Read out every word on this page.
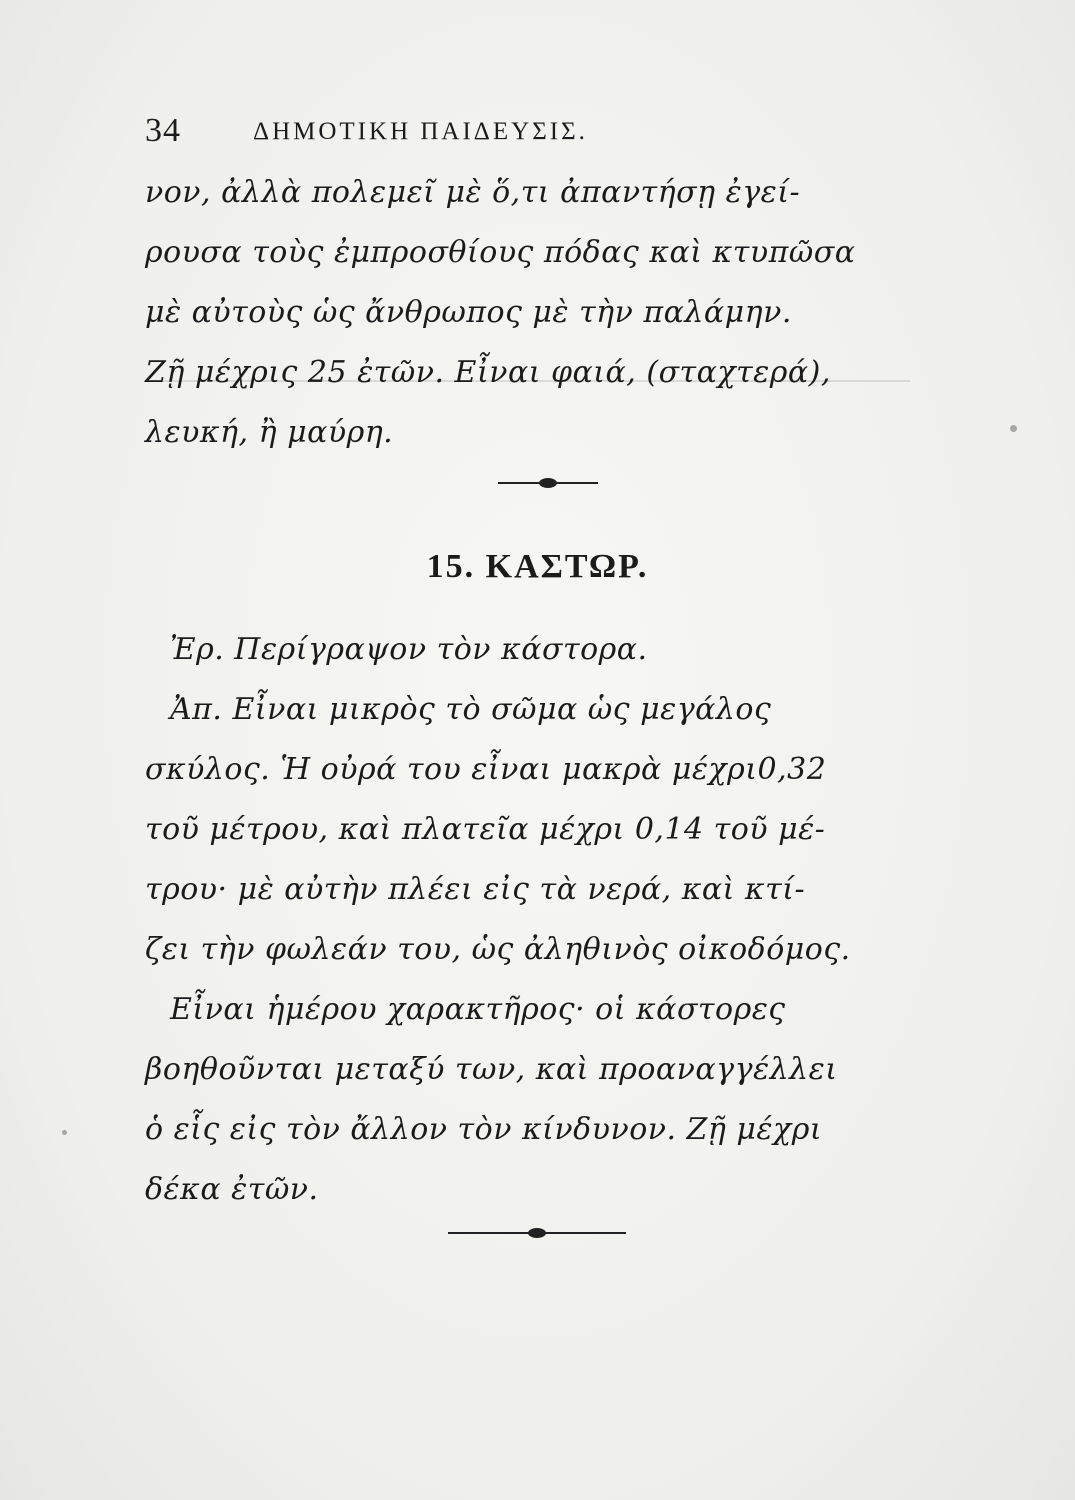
34	ΔΗΜΟΤΙΚΗ ΠΑΙΔΕΥΣΙΣ.
νον, ἀλλὰ πολεμεῖ μὲ ὅ,τι ἀπαντήσῃ ἐγεί-
ρουσα τοὺς ἐμπροσθίους πόδας καὶ κτυπῶσα
μὲ αὐτοὺς ὡς ἄνθρωπος μὲ τὴν παλάμην.
Ζῇ μέχρις 25 ἐτῶν. Εἶναι φαιά, (σταχτερά),
λευκή, ἢ μαύρη.
15. ΚΑΣΤΩΡ.
Ἐρ. Περίγραψον τὸν κάστορα.
Ἀπ. Εἶναι μικρὸς τὸ σῶμα ὡς μεγάλος
σκύλος. Ἡ οὐρά του εἶναι μακρὰ μέχρι0,32
τοῦ μέτρου, καὶ πλατεῖα μέχρι 0,14 τοῦ μέ-
τρου· μὲ αὐτὴν πλέει εἰς τὰ νερά, καὶ κτί-
ζει τὴν φωλεάν του, ὡς ἀληθινὸς οἰκοδόμος.
Εἶναι ἡμέρου χαρακτῆρος· οἱ κάστορες
βοηθοῦνται μεταξύ των, καὶ προαναγγέλλει
ὁ εἷς εἰς τὸν ἄλλον τὸν κίνδυνον. Ζῇ μέχρι
δέκα ἐτῶν.
